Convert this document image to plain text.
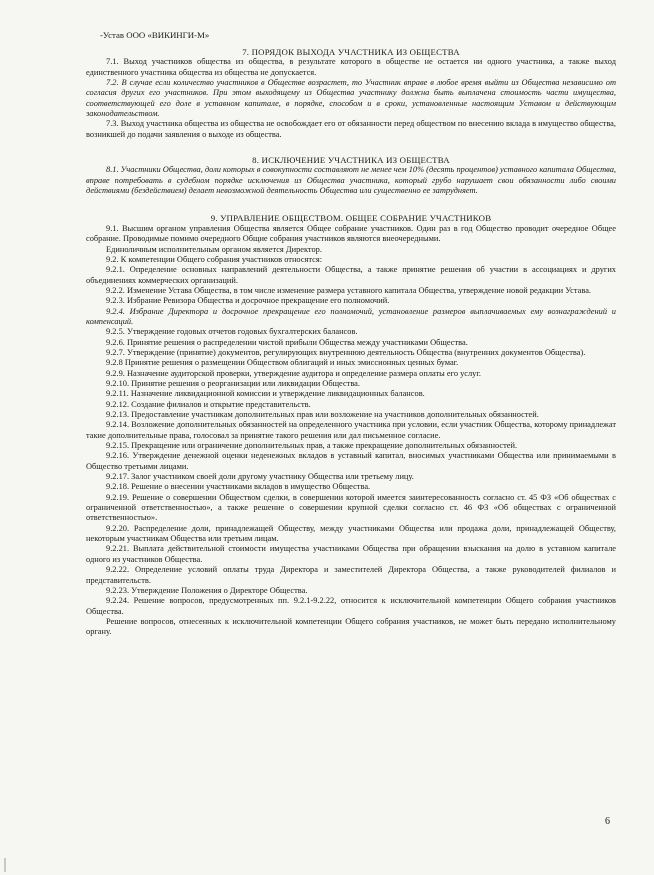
-Устав ООО «ВИКИНГИ-М»
7. ПОРЯДОК ВЫХОДА УЧАСТНИКА ИЗ ОБЩЕСТВА

7.1. Выход участников общества из общества, в результате которого в обществе не остается ни одного участника, а также выход единственного участника общества из общества не допускается.

7.2. В случае если количество участников в Обществе возрастет, то Участник вправе в любое время выйти из Общества независимо от согласия других его участников. При этом выходящему из Общества участнику должна быть выплачена стоимость части имущества, соответствующей его доле в уставном капитале, в порядке, способом и в сроки, установленные настоящим Уставом и действующим законодательством.

7.3. Выход участника общества из общества не освобождает его от обязанности перед обществом по внесению вклада в имущество общества, возникшей до подачи заявления о выходе из общества.

8. ИСКЛЮЧЕНИЕ УЧАСТНИКА ИЗ ОБЩЕСТВА

8.1. Участники Общества, доли которых в совокупности составляют не менее чем 10% (десять процентов) уставного капитала Общества, вправе потребовать в судебном порядке исключения из Общества участника, который грубо нарушает свои обязанности либо своими действиями (бездействием) делает невозможной деятельность Общества или существенно ее затрудняет.

9. УПРАВЛЕНИЕ ОБЩЕСТВОМ. ОБЩЕЕ СОБРАНИЕ УЧАСТНИКОВ

9.1. Высшим органом управления Общества является Общее собрание участников. Один раз в год Общество проводит очередное Общее собрание. Проводимые помимо очередного Общие собрания участников являются внеочередными.

Единоличным исполнительным органом является Директор.

9.2. К компетенции Общего собрания участников относятся:

9.2.1. Определение основных направлений деятельности Общества, а также принятие решения об участии в ассоциациях и других объединениях коммерческих организаций.

9.2.2. Изменение Устава Общества, в том числе изменение размера уставного капитала Общества, утверждение новой редакции Устава.

9.2.3. Избрание Ревизора Общества и досрочное прекращение его полномочий.

9.2.4. Избрание Директора и досрочное прекращение его полномочий, установление размеров выплачиваемых ему вознаграждений и компенсаций.

9.2.5. Утверждение годовых отчетов годовых бухгалтерских балансов.

9.2.6. Принятие решения о распределении чистой прибыли Общества между участниками Общества.

9.2.7. Утверждение (принятие) документов, регулирующих внутреннюю деятельность Общества (внутренних документов Общества).

9.2.8 Принятие решения о размещении Обществом облигаций и иных эмиссионных ценных бумаг.

9.2.9. Назначение аудиторской проверки, утверждение аудитора и определение размера оплаты его услуг.

9.2.10. Принятие решения о реорганизации или ликвидации Общества.

9.2.11. Назначение ликвидационной комиссии и утверждение ликвидационных балансов.

9.2.12. Создание филиалов и открытие представительств.

9.2.13. Предоставление участникам дополнительных прав или возложение на участников дополнительных обязанностей.

9.2.14. Возложение дополнительных обязанностей на определенного участника при условии, если участник Общества, которому принадлежат такие дополнительные права, голосовал за принятие такого решения или дал письменное согласие.

9.2.15. Прекращение или ограничение дополнительных прав, а также прекращение дополнительных обязанностей.

9.2.16. Утверждение денежной оценки неденежных вкладов в уставный капитал, вносимых участниками Общества или принимаемыми в Общество третьими лицами.

9.2.17. Залог участником своей доли другому участнику Общества или третьему лицу.

9.2.18. Решение о внесении участниками вкладов в имущество Общества.

9.2.19. Решение о совершении Обществом сделки, в совершении которой имеется заинтересованность согласно ст. 45 ФЗ «Об обществах с ограниченной ответственностью», а также решение о совершении крупной сделки согласно ст. 46 ФЗ «Об обществах с ограниченной ответственностью».

9.2.20. Распределение доли, принадлежащей Обществу, между участниками Общества или продажа доли, принадлежащей Обществу, некоторым участникам Общества или третьим лицам.

9.2.21. Выплата действительной стоимости имущества участниками Общества при обращении взыскания на долю в уставном капитале одного из участников Общества.

9.2.22. Определение условий оплаты труда Директора и заместителей Директора Общества, а также руководителей филиалов и представительств.

9.2.23. Утверждение Положения о Директоре Общества.

9.2.24. Решение вопросов, предусмотренных пп. 9.2.1-9.2.22, относится к исключительной компетенции Общего собрания участников Общества.

Решение вопросов, отнесенных к исключительной компетенции Общего собрания участников, не может быть передано исполнительному органу.

6
